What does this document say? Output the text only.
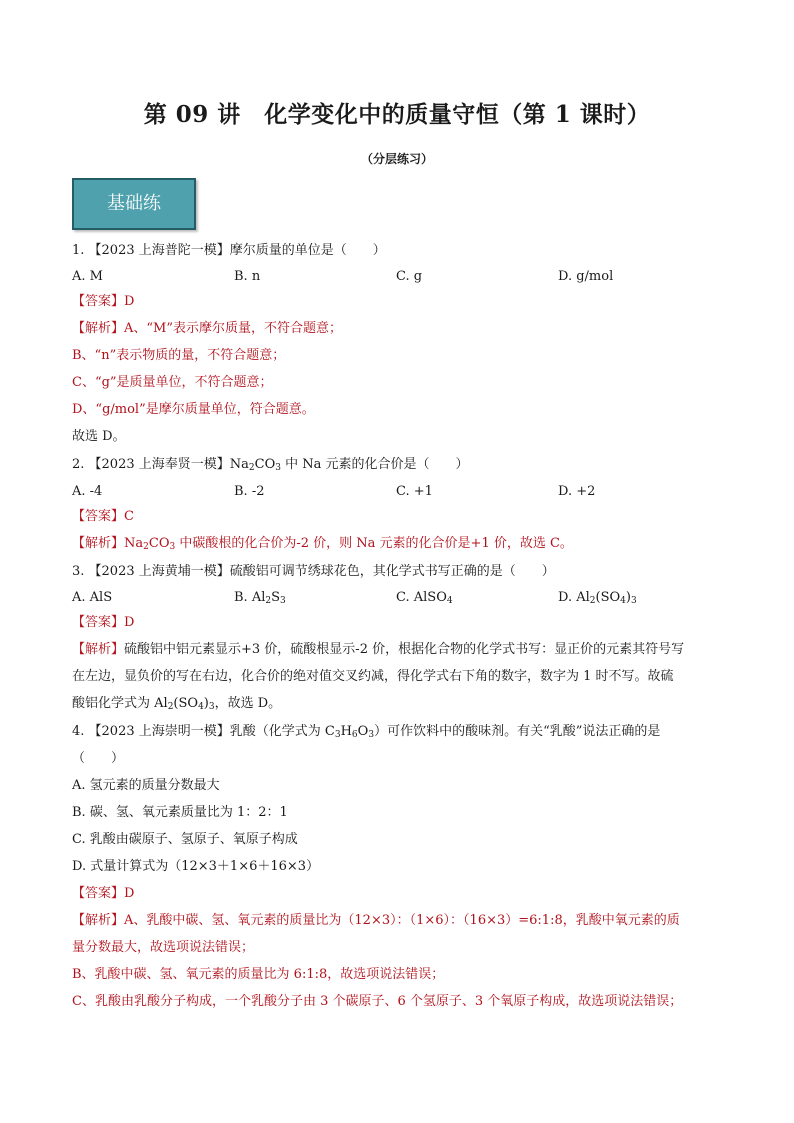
第 09 讲　化学变化中的质量守恒（第 1 课时）
（分层练习）
基础练
1. 【2023 上海普陀一模】摩尔质量的单位是（　　）
A. M	B. n	C. g	D. g/mol
【答案】D
【解析】A、“M”表示摩尔质量，不符合题意；
B、“n”表示物质的量，不符合题意；
C、“g”是质量单位，不符合题意；
D、“g/mol”是摩尔质量单位，符合题意。
故选 D。
2. 【2023 上海奉贤一模】$Na_2CO_3$ 中 Na 元素的化合价是（　　）
A. -4	B. -2	C. +1	D. +2
【答案】C
【解析】$Na_2CO_3$ 中碳酸根的化合价为-2 价，则 Na 元素的化合价是+1 价，故选 C。
3. 【2023 上海黄埔一模】硫酸铝可调节绣球花色，其化学式书写正确的是（　　）
A. AlS	B. $Al_2S_3$	C. AlSO$_4$	D. $Al_2(SO_4)_3$
【答案】D
【解析】硫酸铝中铝元素显示+3 价，硫酸根显示-2 价，根据化合物的化学式书写：显正价的元素其符号写
在左边，显负价的写在右边，化合价的绝对值交叉约减，得化学式右下角的数字，数字为 1 时不写。故硫
酸铝化学式为 $Al_2(SO_4)_3$，故选 D。
4. 【2023 上海崇明一模】乳酸（化学式为 $C_3H_6O_3$）可作饮料中的酸味剂。有关“乳酸”说法正确的是
（　　）
A. 氢元素的质量分数最大
B. 碳、氢、氧元素质量比为 1：2：1
C. 乳酸由碳原子、氢原子、氧原子构成
D. 式量计算式为（12×3＋1×6＋16×3）
【答案】D
【解析】A、乳酸中碳、氢、氧元素的质量比为（12×3）：（1×6）：（16×3）=6:1:8，乳酸中氧元素的质
量分数最大，故选项说法错误；
B、乳酸中碳、氢、氧元素的质量比为 6:1:8，故选项说法错误；
C、乳酸由乳酸分子构成，一个乳酸分子由 3 个碳原子、6 个氢原子、3 个氧原子构成，故选项说法错误；
